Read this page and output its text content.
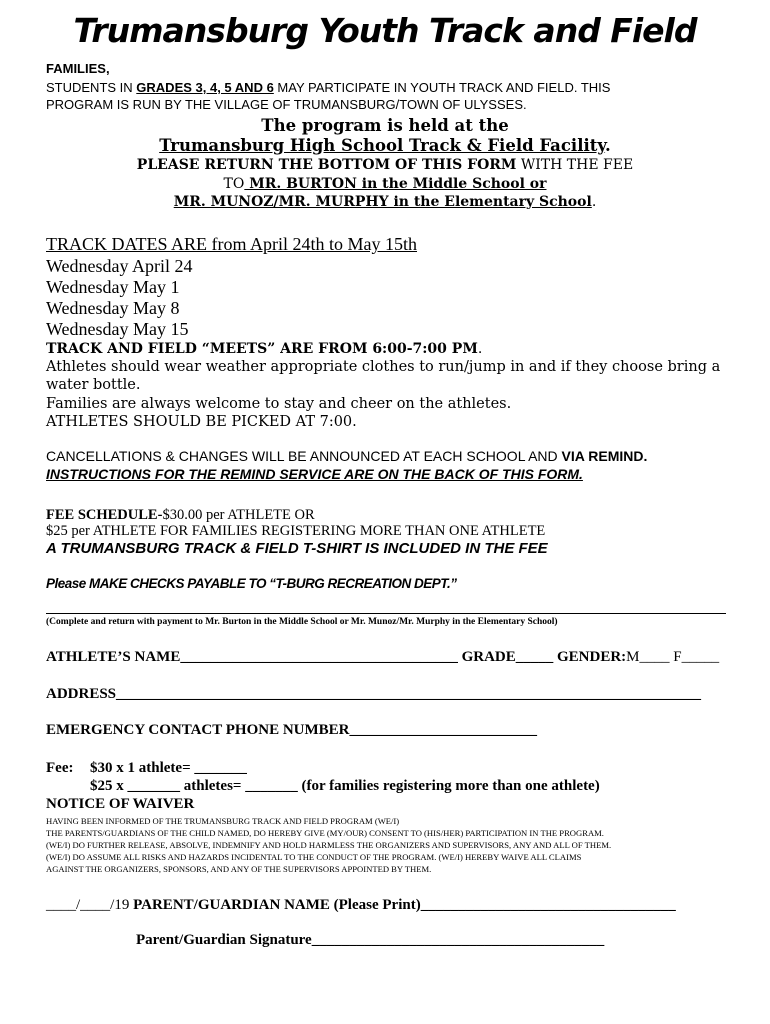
Trumansburg Youth Track and Field
FAMILIES,
STUDENTS IN GRADES 3, 4, 5 AND 6 MAY PARTICIPATE IN YOUTH TRACK AND FIELD. THIS
PROGRAM IS RUN BY THE VILLAGE OF TRUMANSBURG/TOWN OF ULYSSES.
The program is held at the
Trumansburg High School Track & Field Facility.
PLEASE RETURN THE BOTTOM OF THIS FORM WITH THE FEE
TO MR. BURTON in the Middle School or
MR. MUNOZ/MR. MURPHY in the Elementary School.
TRACK DATES ARE from April 24th to May 15th
Wednesday April 24
Wednesday May 1
Wednesday May 8
Wednesday May 15
TRACK AND FIELD “MEETS” ARE FROM 6:00-7:00 PM.
Athletes should wear weather appropriate clothes to run/jump in and if they choose bring a
water bottle.
Families are always welcome to stay and cheer on the athletes.
ATHLETES SHOULD BE PICKED AT 7:00.
CANCELLATIONS & CHANGES WILL BE ANNOUNCED AT EACH SCHOOL AND VIA REMIND.
INSTRUCTIONS FOR THE REMIND SERVICE ARE ON THE BACK OF THIS FORM.
FEE SCHEDULE-$30.00 per ATHLETE OR
$25 per ATHLETE FOR FAMILIES REGISTERING MORE THAN ONE ATHLETE
A TRUMANSBURG TRACK & FIELD T-SHIRT IS INCLUDED IN THE FEE
Please MAKE CHECKS PAYABLE TO “T-BURG RECREATION DEPT.”
(Complete and return with payment to Mr. Burton in the Middle School or Mr. Munoz/Mr. Murphy in the Elementary School)
ATHLETE’S NAME_____________________________________ GRADE_____ GENDER:M____ F_____
ADDRESS______________________________________________________________________________
EMERGENCY CONTACT PHONE NUMBER_________________________
Fee: $30 x 1 athlete= _______
$25 x _______ athletes= _______ (for families registering more than one athlete)
NOTICE OF WAIVER
HAVING BEEN INFORMED OF THE TRUMANSBURG TRACK AND FIELD PROGRAM (WE/I)
THE PARENTS/GUARDIANS OF THE CHILD NAMED, DO HEREBY GIVE (MY/OUR) CONSENT TO (HIS/HER) PARTICIPATION IN THE PROGRAM.
(WE/I) DO FURTHER RELEASE, ABSOLVE, INDEMNIFY AND HOLD HARMLESS THE ORGANIZERS AND SUPERVISORS, ANY AND ALL OF THEM.
(WE/I) DO ASSUME ALL RISKS AND HAZARDS INCIDENTAL TO THE CONDUCT OF THE PROGRAM. (WE/I) HEREBY WAIVE ALL CLAIMS
AGAINST THE ORGANIZERS, SPONSORS, AND ANY OF THE SUPERVISORS APPOINTED BY THEM.
____/____/19 PARENT/GUARDIAN NAME (Please Print)__________________________________
Parent/Guardian Signature_______________________________________
